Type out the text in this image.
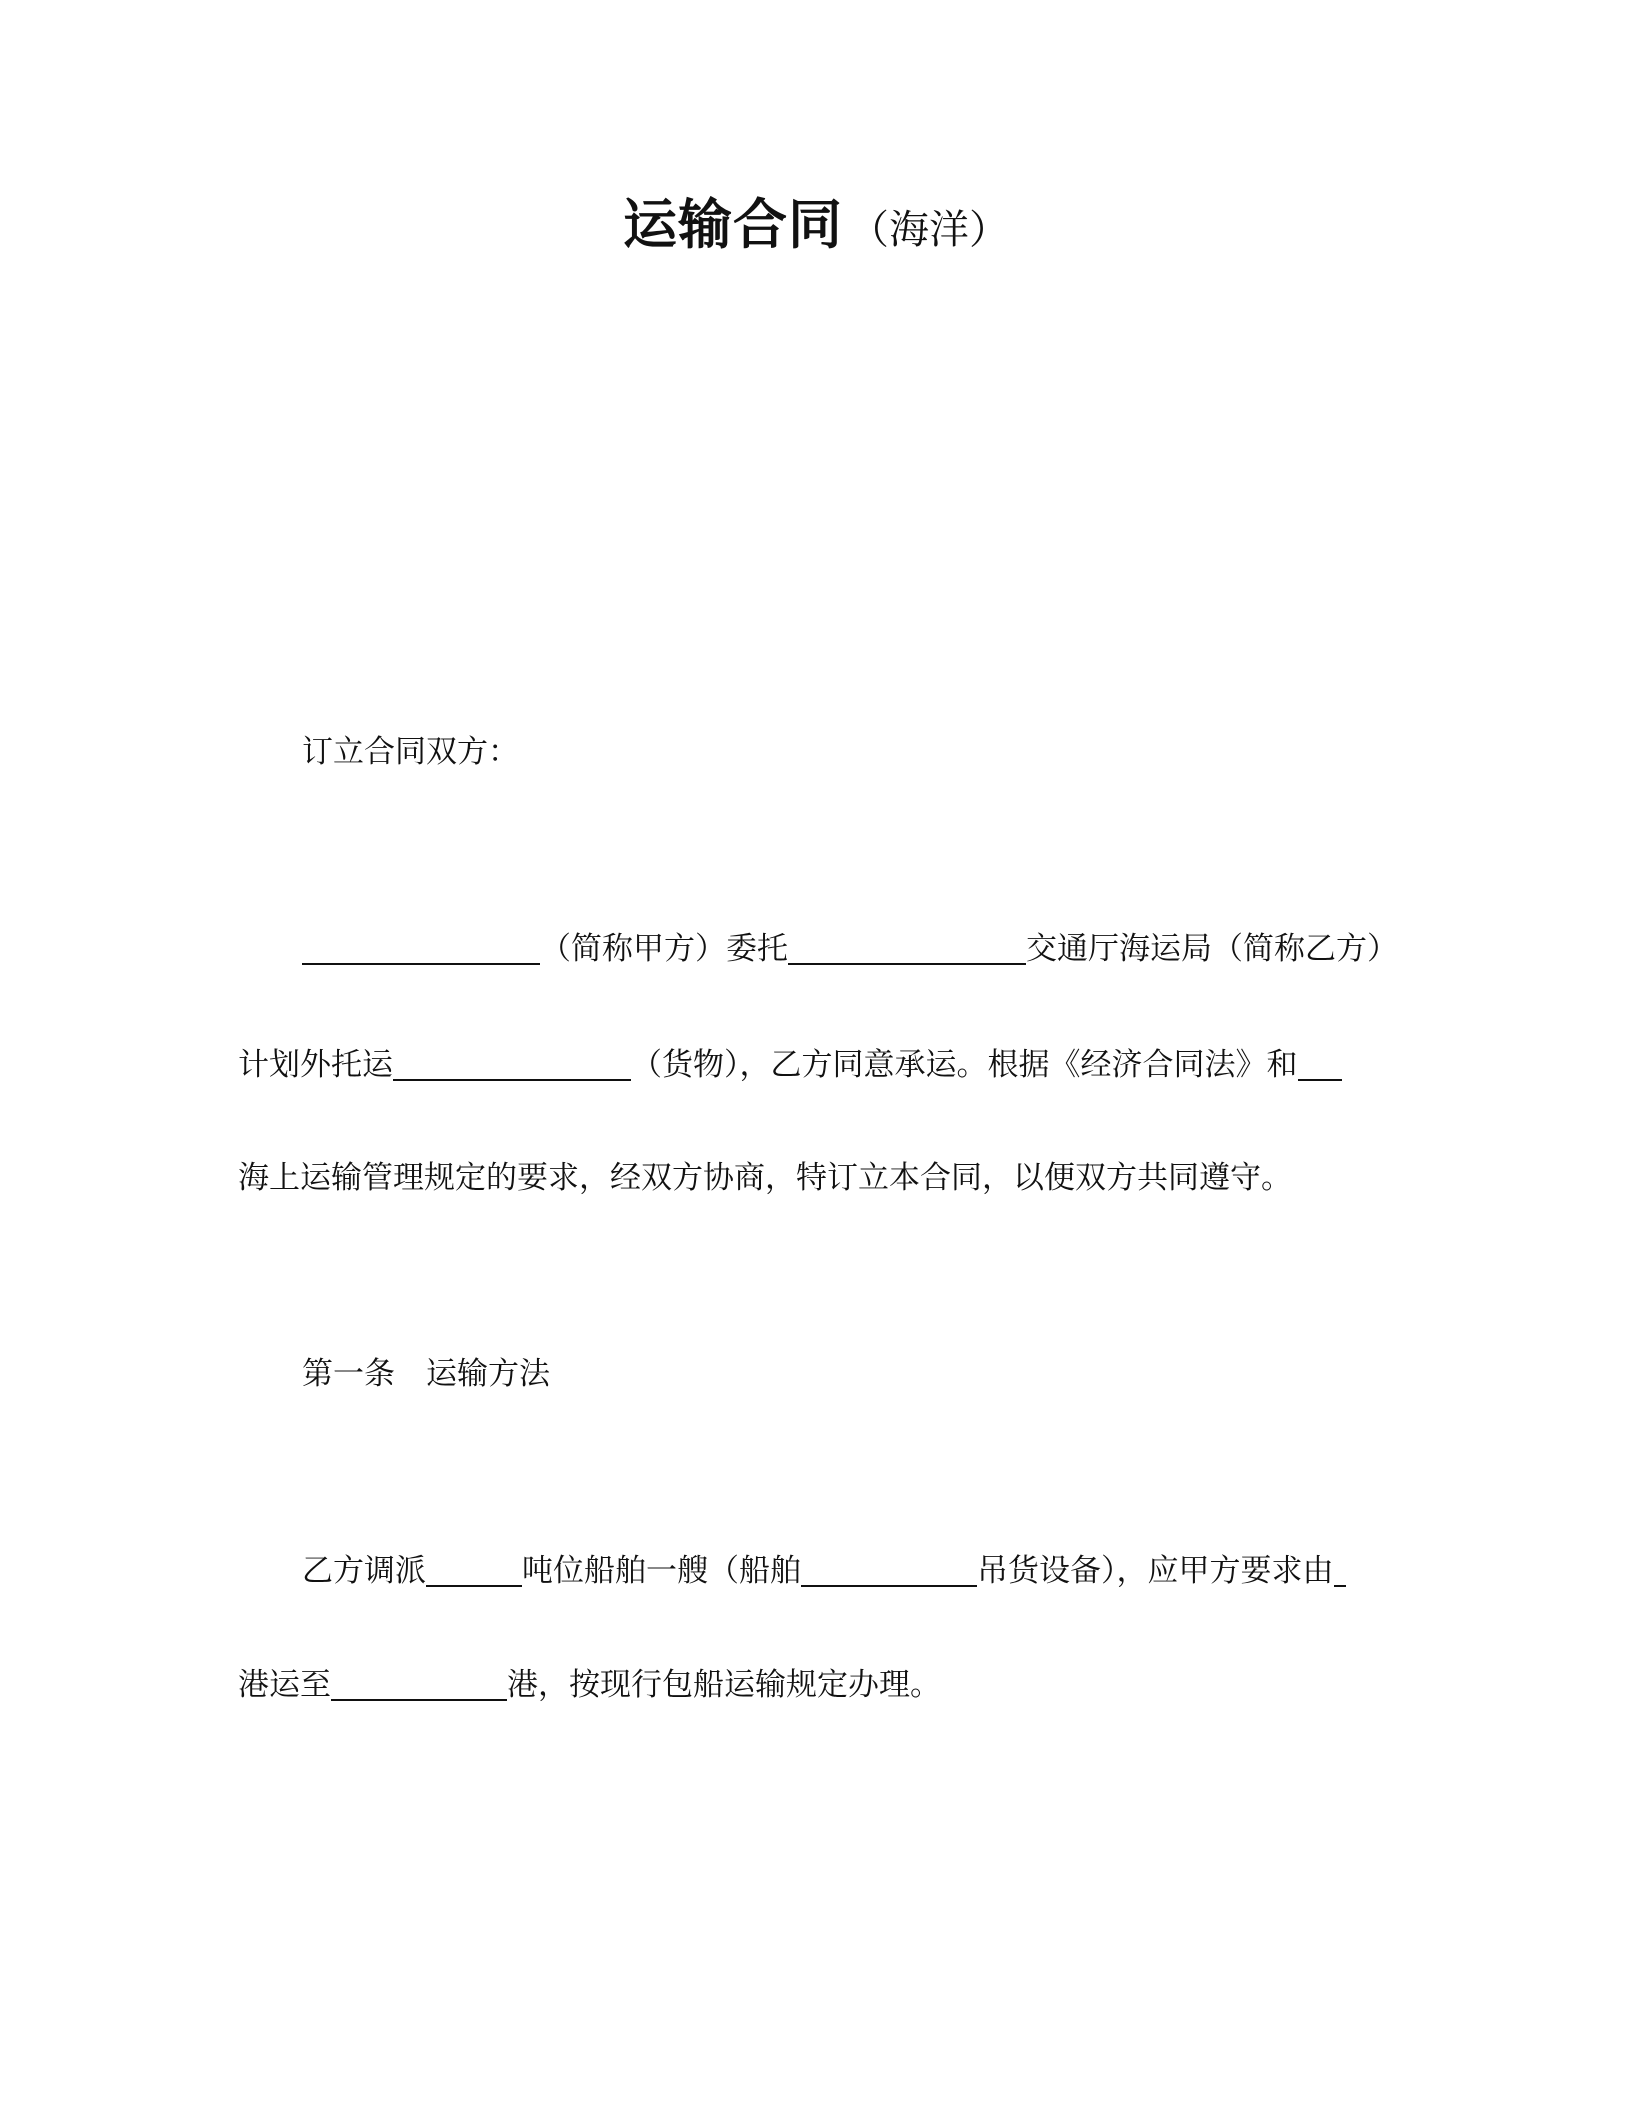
运输合同 （海洋）
订立合同双方：
（简称甲方）委托	交通厅海运局（简称乙方）
计划外托运	（货物），乙方同意承运。根据《经济合同法》和
海上运输管理规定的要求，经双方协商，特订立本合同，以便双方共同遵守。
第一条　运输方法
乙方调派	吨位船舶一艘（船舶	吊货设备），应甲方要求由
港运至	港，按现行包船运输规定办理。
